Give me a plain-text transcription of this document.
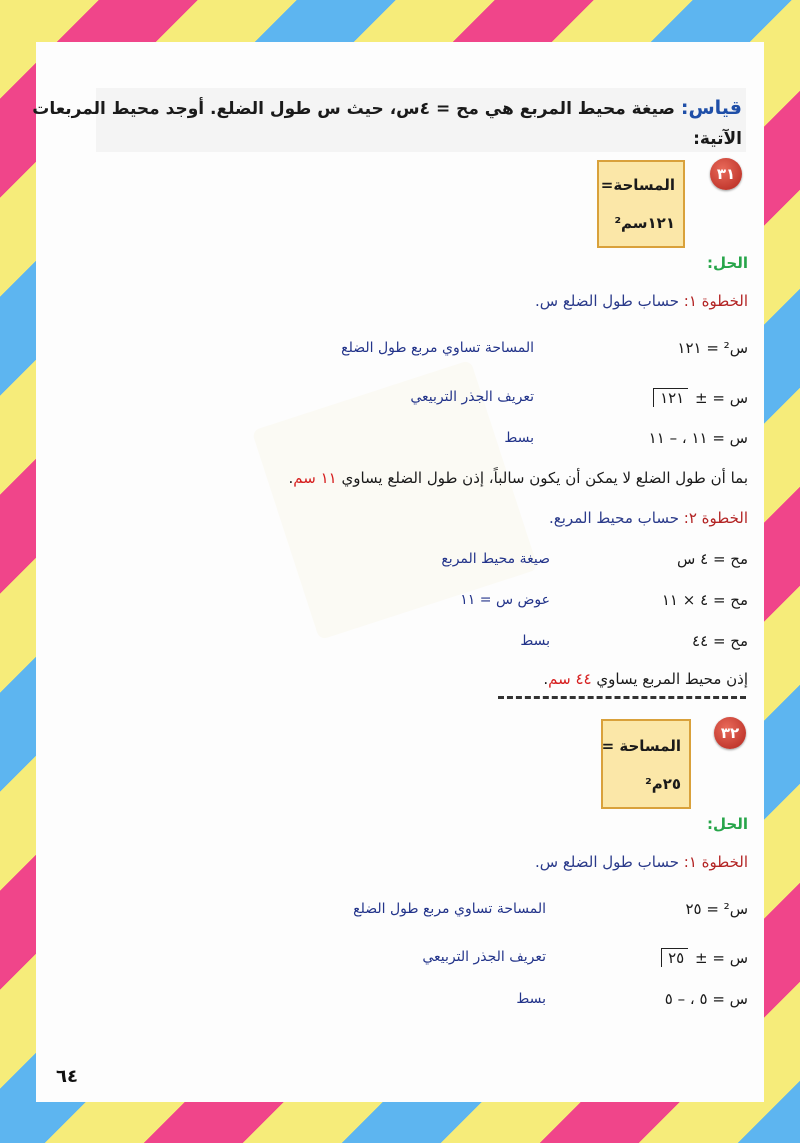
قياس: صيغة محيط المربع هي مح = ٤س، حيث س طول الضلع. أوجد محيط المربعات
الآتية:
٣١
المساحة=
١٢١سم²
الحل:
الخطوة ١: حساب طول الضلع س.
س² = ١٢١
المساحة تساوي مربع طول الضلع
س = ± ١٢١
تعريف الجذر التربيعي
س = ١١ ، – ١١
بسط
بما أن طول الضلع لا يمكن أن يكون سالباً، إذن طول الضلع يساوي ١١ سم.
الخطوة ٢: حساب محيط المربع.
مح = ٤ س
صيغة محيط المربع
مح = ٤ × ١١
عوض س = ١١
مح = ٤٤
بسط
إذن محيط المربع يساوي ٤٤ سم.
٣٢
المساحة =
٢٥م²
الحل:
الخطوة ١: حساب طول الضلع س.
س² = ٢٥
المساحة تساوي مربع طول الضلع
س = ± ٢٥
تعريف الجذر التربيعي
س = ٥ ، – ٥
بسط
٦٤
